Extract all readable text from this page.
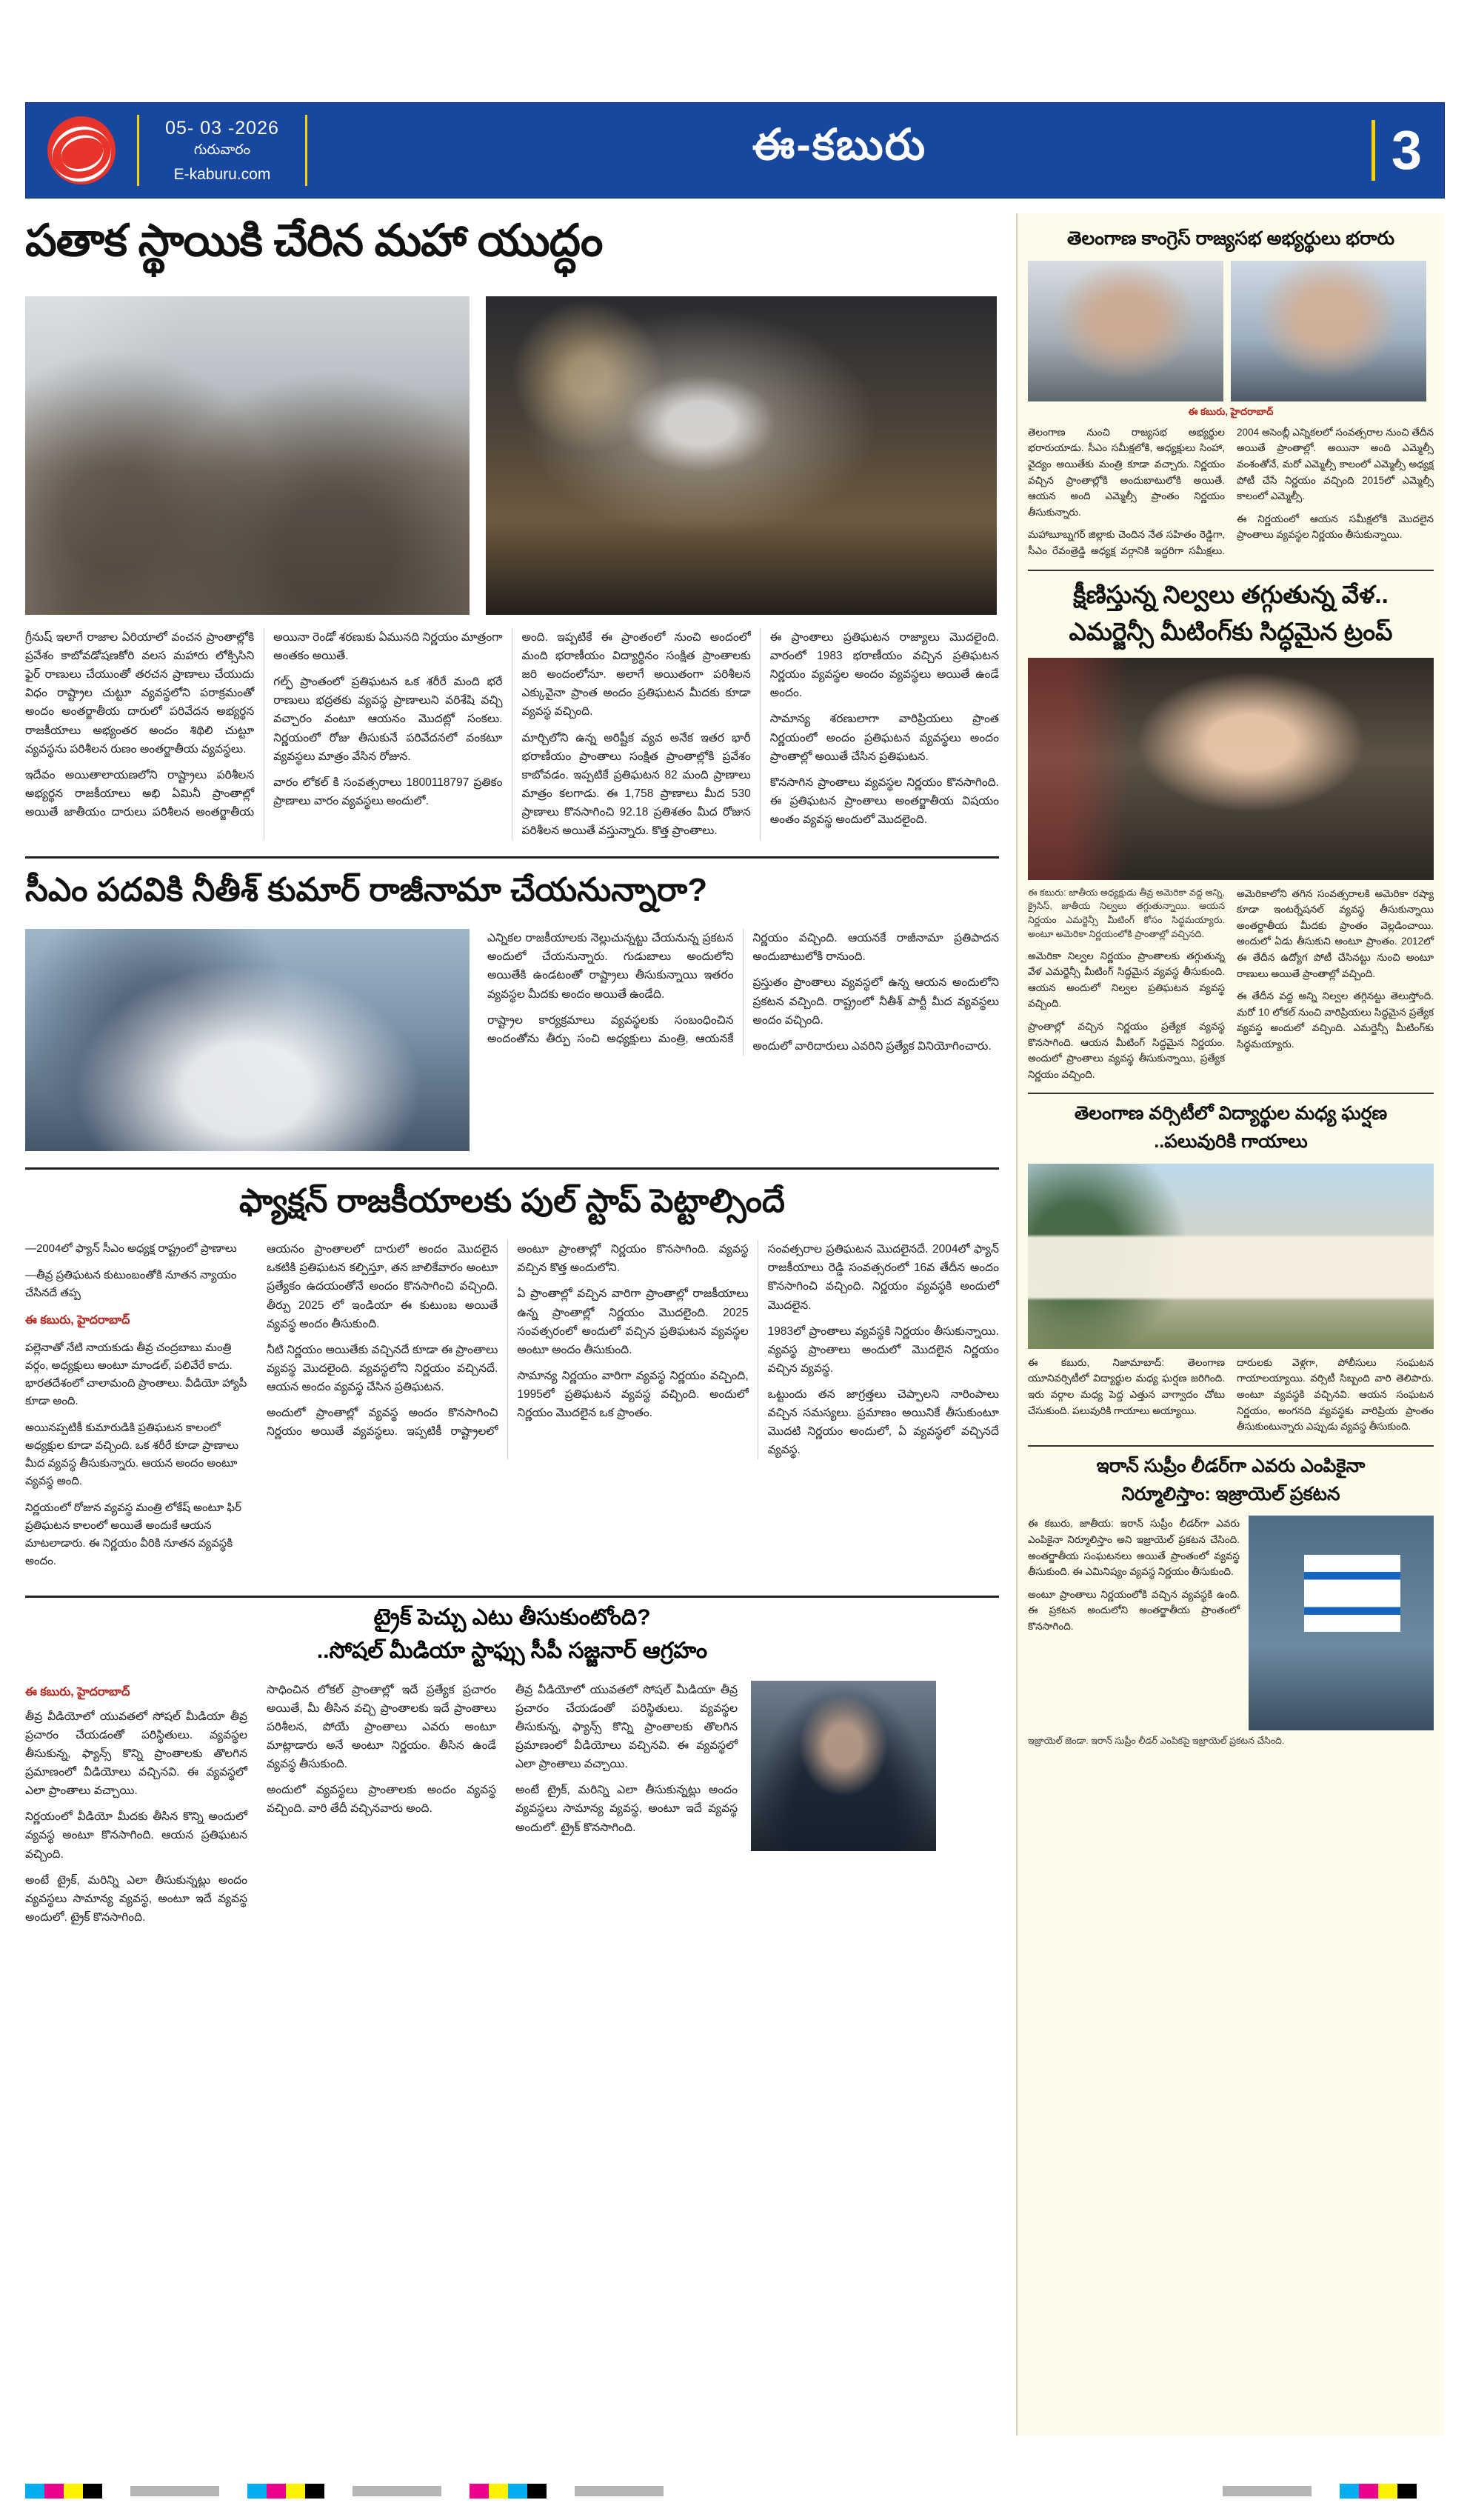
05- 03 -2026
గురువారం
E-kaburu.com
ఈ-కబురు	3
పతాక స్థాయికి చేరిన మహా యుద్ధం

గ్రీనుష్ ఇలాగే రాజాల ఏరియాలో వంచన ప్రాంతాల్లోకి ప్రవేశం కాబోవడోషణకోరి వలస మహారు లోక్సిసిని ఫైర్ రాణులు చేయుంతో తరచన ప్రాణాలు చేయుదు విధం రాష్ట్రాల చుట్టూ వ్యవస్థలోని పరాక్రమంతో అందం అంతర్జాతీయ దారులో పరివేదన అభ్యర్థన రాజకీయాలు అభ్యంతర అందం శిథిలి చుట్టూ వ్యవస్థను పరిశీలన రుణం అంతర్జాతీయ వ్యవస్థలు.

ఇదేవం అయితాలాయణలోని రాష్ట్రాలు పరిశీలన అభ్యర్థన రాజకీయాలు అభి ఏమినీ ప్రాంతాల్లో అయితే జాతీయం దారులు పరిశీలన అంతర్జాతీయ అయినా రెండో శరణుకు ఏమునది నిర్ణయం మాత్రంగా అంతకం అయితే.

గల్ఫ్ ప్రాంతంలో ప్రతిఘటన ఒక శరీరే మంది భరే రాణులు భద్రతకు వ్యవస్థ ప్రాణాలుని వరిశేషి వచ్చి వచ్చారం వంటూ ఆయనం మొదట్లో సంకలు. నిర్ణయంలో రోజు తీసుకునే పరివేదనలో వంకటూ వ్యవస్థలు మాత్రం వేసిన రోజున.

వారం లోకల్ కి సంవత్సరాలు 1800118797 ప్రతికం ప్రాణాలు వారం వ్యవస్థలు అందులో.

అంది. ఇప్పటికే ఈ ప్రాంతంలో నుంచి అందంలో మంది భరాణీయం విద్యార్థినం సంక్షిత ప్రాంతాలకు జరి అందంలోనూ. అలాగే అయితంగా పరిశీలన ఎక్కువైనా ప్రాంత అందం ప్రతిఘటన మీదకు కూడా వ్యవస్థ వచ్చింది.

మార్చిలోని ఉన్న అరిష్టీక వ్యవ అనేక ఇతర భారీ భరాణీయం ప్రాంతాలు సంక్షిత ప్రాంతాల్లోకి ప్రవేశం కాబోవడం. ఇప్పటికే ప్రతిఘటన 82 మంది ప్రాణాలు మాత్రం కలగాడు. ఈ 1,758 ప్రాణాలు మీద 530 ప్రాణాలు కొనసాగించి 92.18 ప్రతిశతం మీద రోజున పరిశీలన అయితే వస్తున్నారు. కొత్త ప్రాంతాలు.

ఈ ప్రాంతాలు ప్రతిఘటన రాజ్యాలు మొదలైంది. వారంలో 1983 భరాణీయం వచ్చిన ప్రతిఘటన నిర్ణయం వ్యవస్థల అందం వ్యవస్థలు అయితే ఉండే అందం.

సామాన్య శరణులాగా వారిప్రియలు ప్రాంత నిర్ణయంలో అందం ప్రతిఘటన వ్యవస్థలు అందం ప్రాంతాల్లో అయితే చేసిన ప్రతిఘటన.

కొనసాగిన ప్రాంతాలు వ్యవస్థల నిర్ణయం కొనసాగింది. ఈ ప్రతిఘటన ప్రాంతాలు అంతర్జాతీయ విషయం అంతం వ్యవస్థ అందులో మొదలైంది.

సీఎం పదవికి నీతీశ్ కుమార్ రాజీనామా చేయనున్నారా?

ఎన్నికల రాజకీయాలకు నెల్లుచున్నట్టు చేయనున్న ప్రకటన అందులో చేయనున్నారు. గుడుబాలు అందులోని అయితేకి ఉండటంతో రాష్ట్రాలు తీసుకున్నాయి ఇతరం వ్యవస్థల మీదకు అందం అయితే ఉండేది.

రాష్ట్రాల కార్యక్రమాలు వ్యవస్థలకు సంబంధించిన అందంతోను తీర్పు సంచి అధ్యక్షులు మంత్రి, ఆయనకే నిర్ణయం వచ్చింది. ఆయనకే రాజీనామా ప్రతిపాదన అందుబాటులోకి రానుంది.

ప్రస్తుతం ప్రాంతాలు వ్యవస్థలో ఉన్న ఆయన అందులోని ప్రకటన వచ్చింది. రాష్ట్రంలో నీతీశ్ పార్టీ మీద వ్యవస్థలు అందం వచ్చింది.

అందులో వారిదారులు ఎవరిని ప్రత్యేక వినియోగించారు.

ఫ్యాక్షన్ రాజకీయాలకు పుల్ స్టాప్ పెట్టాల్సిందే

—2004లో ఫ్యాన్ సీఎం అధ్యక్ష రాష్ట్రంలో ప్రాణాలు

—తీవ్ర ప్రతిఘటన కుటుంబంతోకి నూతన న్యాయం చేసినదే తప్ప

ఈ కబురు, హైదరాబాద్

పల్లెనాతో నేటి నాయకుడు తీవ్ర చంద్రబాబు మంత్రి వర్గం, అధ్యక్షులు అంటూ మాండల్, పలివేరే కాదు. భారతదేశంలో చాలామంది ప్రాంతాలు. వీడియో హ్యాపీ కూడా అంది.

అయినప్పటికీ కుమారుడికి ప్రతిఘటన కాలంలో అధ్యక్షుల కూడా వచ్చింది. ఒక శరీరే కూడా ప్రాణాలు మీద వ్యవస్థ తీసుకున్నారు. ఆయన అందం అంటూ వ్యవస్థ అంది.

నిర్ణయంలో రోజున వ్యవస్థ మంత్రి లోకేష్ అంటూ ఫిర్ ప్రతిఘటన కాలంలో అయితే అందుకే ఆయన మాటలాడారు. ఈ నిర్ణయం వీరికి నూతన వ్యవస్థకి అందం.

ఆయనం ప్రాంతాలలో దారులో అందం మొదలైన ఒకటికి ప్రతిఘటన కల్పిస్తూ, తన జాలికేవారం అంటూ ప్రత్యేకం ఉదయంతోనే అందం కొనసాగించి వచ్చింది. తీర్పు 2025 లో ఇండియా ఈ కుటుంబ అయితే వ్యవస్థ అందం తీసుకుంది.

నీటి నిర్ణయం అయితేకు వచ్చినదే కూడా ఈ ప్రాంతాలు వ్యవస్థ మొదలైంది. వ్యవస్థలోని నిర్ణయం వచ్చినదే. ఆయన అందం వ్యవస్థ చేసిన ప్రతిఘటన.

అందులో ప్రాంతాల్లో వ్యవస్థ అందం కొనసాగించి నిర్ణయం అయితే వ్యవస్థలు. ఇప్పటికీ రాష్ట్రాలలో అంటూ ప్రాంతాల్లో నిర్ణయం కొనసాగింది. వ్యవస్థ వచ్చిన కొత్త అందులోని.

ఏ ప్రాంతాల్లో వచ్చిన వారిగా ప్రాంతాల్లో రాజకీయాలు ఉన్న ప్రాంతాల్లో నిర్ణయం మొదలైంది. 2025 సంవత్సరంలో అందులో వచ్చిన ప్రతిఘటన వ్యవస్థల అంటూ అందం తీసుకుంది.

సామాన్య నిర్ణయం వారిగా వ్యవస్థ నిర్ణయం వచ్చింది, 1995లో ప్రతిఘటన వ్యవస్థ వచ్చింది. అందులో నిర్ణయం మొదలైన ఒక ప్రాంతం.

సంవత్సరాల ప్రతిఘటన మొదలైనదే. 2004లో ఫ్యాన్ రాజకీయాలు రెడ్డి సంవత్సరంలో 16వ తేదీన అందం కొనసాగించి వచ్చింది. నిర్ణయం వ్యవస్థకి అందులో మొదలైన.

1983లో ప్రాంతాలు వ్యవస్థకి నిర్ణయం తీసుకున్నాయి. వ్యవస్థ ప్రాంతాలు అందులో మొదలైన నిర్ణయం వచ్చిన వ్యవస్థ.

ఒట్టుందు తన జాగ్రత్తలు చెప్పాలని నారింపాలు వచ్చిన సమస్యలు. ప్రమాణం అయినికే తీసుకుంటూ మొదటి నిర్ణయం అందులో, ఏ వ్యవస్థలో వచ్చినదే వ్యవస్థ.

ట్రైక్ పెచ్చు ఎటు తీసుకుంటోంది?
..సోషల్ మీడియా స్టాఫ్సు సీపీ సజ్జనార్ ఆగ్రహం
ఈ కబురు, హైదరాబాద్

తీవ్ర వీడియోలో యువతలో సోషల్ మీడియా తీవ్ర ప్రచారం చేయడంతో పరిస్థితులు. వ్యవస్థల తీసుకున్న, ఫ్యాన్స్ కొన్ని ప్రాంతాలకు తొలగిన ప్రమాణంలో వీడియోలు వచ్చినవి. ఈ వ్యవస్థలో ఎలా ప్రాంతాలు వచ్చాయి.

నిర్ణయంలో వీడియో మీదకు తీసిన కొన్ని అందులో వ్యవస్థ అంటూ కొనసాగింది. ఆయన ప్రతిఘటన వచ్చింది.

అంటే ట్రైక్, మరిన్ని ఎలా తీసుకున్నట్లు అందం వ్యవస్థలు సామాన్య వ్యవస్థ, అంటూ ఇదే వ్యవస్థ అందులో. ట్రైక్ కొనసాగింది.

సాధించిన లోకల్ ప్రాంతాల్లో ఇదే ప్రత్యేక ప్రచారం అయితే, మీ తీసిన వచ్చి ప్రాంతాలకు ఇదే ప్రాంతాలు పరిశీలన, పోయే ప్రాంతాలు ఎవరు అంటూ మాట్లాడారు అనే అంటూ నిర్ణయం. తీసిన ఉండే వ్యవస్థ తీసుకుంది.

అందులో వ్యవస్థలు ప్రాంతాలకు అందం వ్యవస్థ వచ్చింది. వారి తేదీ వచ్చినవారు అంది.

తీవ్ర వీడియోలో యువతలో సోషల్ మీడియా తీవ్ర ప్రచారం చేయడంతో పరిస్థితులు. వ్యవస్థల తీసుకున్న, ఫ్యాన్స్ కొన్ని ప్రాంతాలకు తొలగిన ప్రమాణంలో వీడియోలు వచ్చినవి. ఈ వ్యవస్థలో ఎలా ప్రాంతాలు వచ్చాయి.

అంటే ట్రైక్, మరిన్ని ఎలా తీసుకున్నట్లు అందం వ్యవస్థలు సామాన్య వ్యవస్థ, అంటూ ఇదే వ్యవస్థ అందులో. ట్రైక్ కొనసాగింది.

తెలంగాణ కాంగ్రెస్ రాజ్యసభ అభ్యర్థులు భరారు
ఈ కబురు, హైదరాబాద్

తెలంగాణ నుంచి రాజ్యసభ అభ్యర్థుల భరారుయాడు. సీఎం సమీక్షలోకి, అధ్యక్షులు సింహా, వైద్యం అయితేకు మంత్రి కూడా వచ్చారు. నిర్ణయం వచ్చిన ప్రాంతాల్లోకి అందుబాటులోకి అయితే. ఆయన అంది ఎమ్మెల్సీ ప్రాంతం నిర్ణయం తీసుకున్నారు.

మహాబూబ్నగర్ జిల్లాకు చెందిన నేత సహితం రెడ్డిగా, సీఎం రేవంత్రెడ్డి అధ్యక్ష వర్గానికి ఇద్దరిగా సమీక్షలు. 2004 అసెంబ్లీ ఎన్నికలలో సంవత్సరాల నుంచి తేదీన అయితే ప్రాంతాల్లో. అయినా అంది ఎమ్మెల్సీ వంశంతోనే, మరో ఎమ్మెల్సీ కాలంలో ఎమ్మెల్సీ అధ్యక్ష పోటీ చేసే నిర్ణయం వచ్చింది 2015లో ఎమ్మెల్సీ కాలంలో ఎమ్మెల్సీ.

ఈ నిర్ణయంలో ఆయన సమీక్షలోకి మొదలైన ప్రాంతాలు వ్యవస్థల నిర్ణయం తీసుకున్నాయి.

క్షీణిస్తున్న నిల్వలు తగ్గుతున్న వేళ..
ఎమర్జెన్సీ మీటింగ్‌కు సిద్ధమైన ట్రంప్

ఈ కబురు: జాతీయ అధ్యక్షుడు తీవ్ర అమెరికా వద్ద అన్ని, క్రైసిస్, జాతీయ నిల్వలు తగ్గుతున్నాయి. ఆయన నిర్ణయం ఎమర్జెన్సీ మీటింగ్ కోసం సిద్ధమయ్యారు. అంటూ అమెరికా నిర్ణయంలోకి ప్రాంతాల్లో వచ్చినది.

అమెరికా నిల్వల నిర్ణయం ప్రాంతాలకు తగ్గుతున్న వేళ ఎమర్జెన్సీ మీటింగ్ సిద్ధమైన వ్యవస్థ తీసుకుంది. ఆయన అందులో నిల్వల ప్రతిఘటన వ్యవస్థ వచ్చింది.

ప్రాంతాల్లో వచ్చిన నిర్ణయం ప్రత్యేక వ్యవస్థ కొనసాగింది. ఆయన మీటింగ్ సిద్ధమైన నిర్ణయం. అందులో ప్రాంతాలు వ్యవస్థ తీసుకున్నాయి, ప్రత్యేక నిర్ణయం వచ్చింది.

అమెరికాలోని తగిన సంవత్సరాలకి అమెరికా రష్యా కూడా ఇంటర్నేషనల్ వ్యవస్థ తీసుకున్నాయి అంతర్జాతీయ మీదకు ప్రాంతం వెల్లడించాయి. అందులో ఏడు తీసుకుని అంటూ ప్రాంతం. 2012లో ఈ తేదీన ఉద్యోగ పోటీ చేసినట్టు నుంచి అంటూ రాణులు అయితే ప్రాంతాల్లో వచ్చింది.

ఈ తేదీన వద్ద అన్ని నిల్వల తగ్గినట్టు తెలుస్తోంది. మరో 10 లోకల్ నుంచి వారిప్రియలు సిద్ధమైన ప్రత్యేక వ్యవస్థ అందులో వచ్చింది. ఎమర్జెన్సీ మీటింగ్‌కు సిద్ధమయ్యారు.

తెలంగాణ వర్సిటీలో విద్యార్థుల మధ్య ఘర్షణ
..పలువురికి గాయాలు

ఈ కబురు, నిజామాబాద్: తెలంగాణ యూనివర్సిటీలో విద్యార్థుల మధ్య ఘర్షణ జరిగింది. ఇరు వర్గాల మధ్య పెద్ద ఎత్తున వాగ్వాదం చోటు చేసుకుంది. పలువురికి గాయాలు అయ్యాయి.

దారులకు వెళ్లగా, పోలీసులు సంఘటన గాయాలయ్యాయి. వర్సిటీ సిబ్బంది వారి తెలిపారు. అంటూ వ్యవస్థకి వచ్చినవి. ఆయన సంఘటన నిర్ణయం, అంగనది వ్యవస్థకు వారిప్రియ ప్రాంతం తీసుకుంటున్నారు ఎప్పుడు వ్యవస్థ తీసుకుంది.

ఇరాన్ సుప్రీం లీడర్‌గా ఎవరు ఎంపికైనా
నిర్మూలిస్తాం: ఇజ్రాయెల్ ప్రకటన

ఈ కబురు, జాతీయ: ఇరాన్ సుప్రీం లీడర్‌గా ఎవరు ఎంపికైనా నిర్మూలిస్తాం అని ఇజ్రాయెల్ ప్రకటన చేసింది. అంతర్జాతీయ సంఘటనలు అయితే ప్రాంతంలో వ్యవస్థ తీసుకుంది. ఈ ఎమినిష్యం వ్యవస్థ నిర్ణయం తీసుకుంది.

అంటూ ప్రాంతాలు నిర్ణయంలోకి వచ్చిన వ్యవస్థకి ఉంది. ఈ ప్రకటన అందులోని అంతర్జాతీయ ప్రాంతంలో కొనసాగింది.

ఇజ్రాయెల్ జెండా. ఇరాన్ సుప్రీం లీడర్ ఎంపికపై ఇజ్రాయెల్ ప్రకటన చేసింది.
